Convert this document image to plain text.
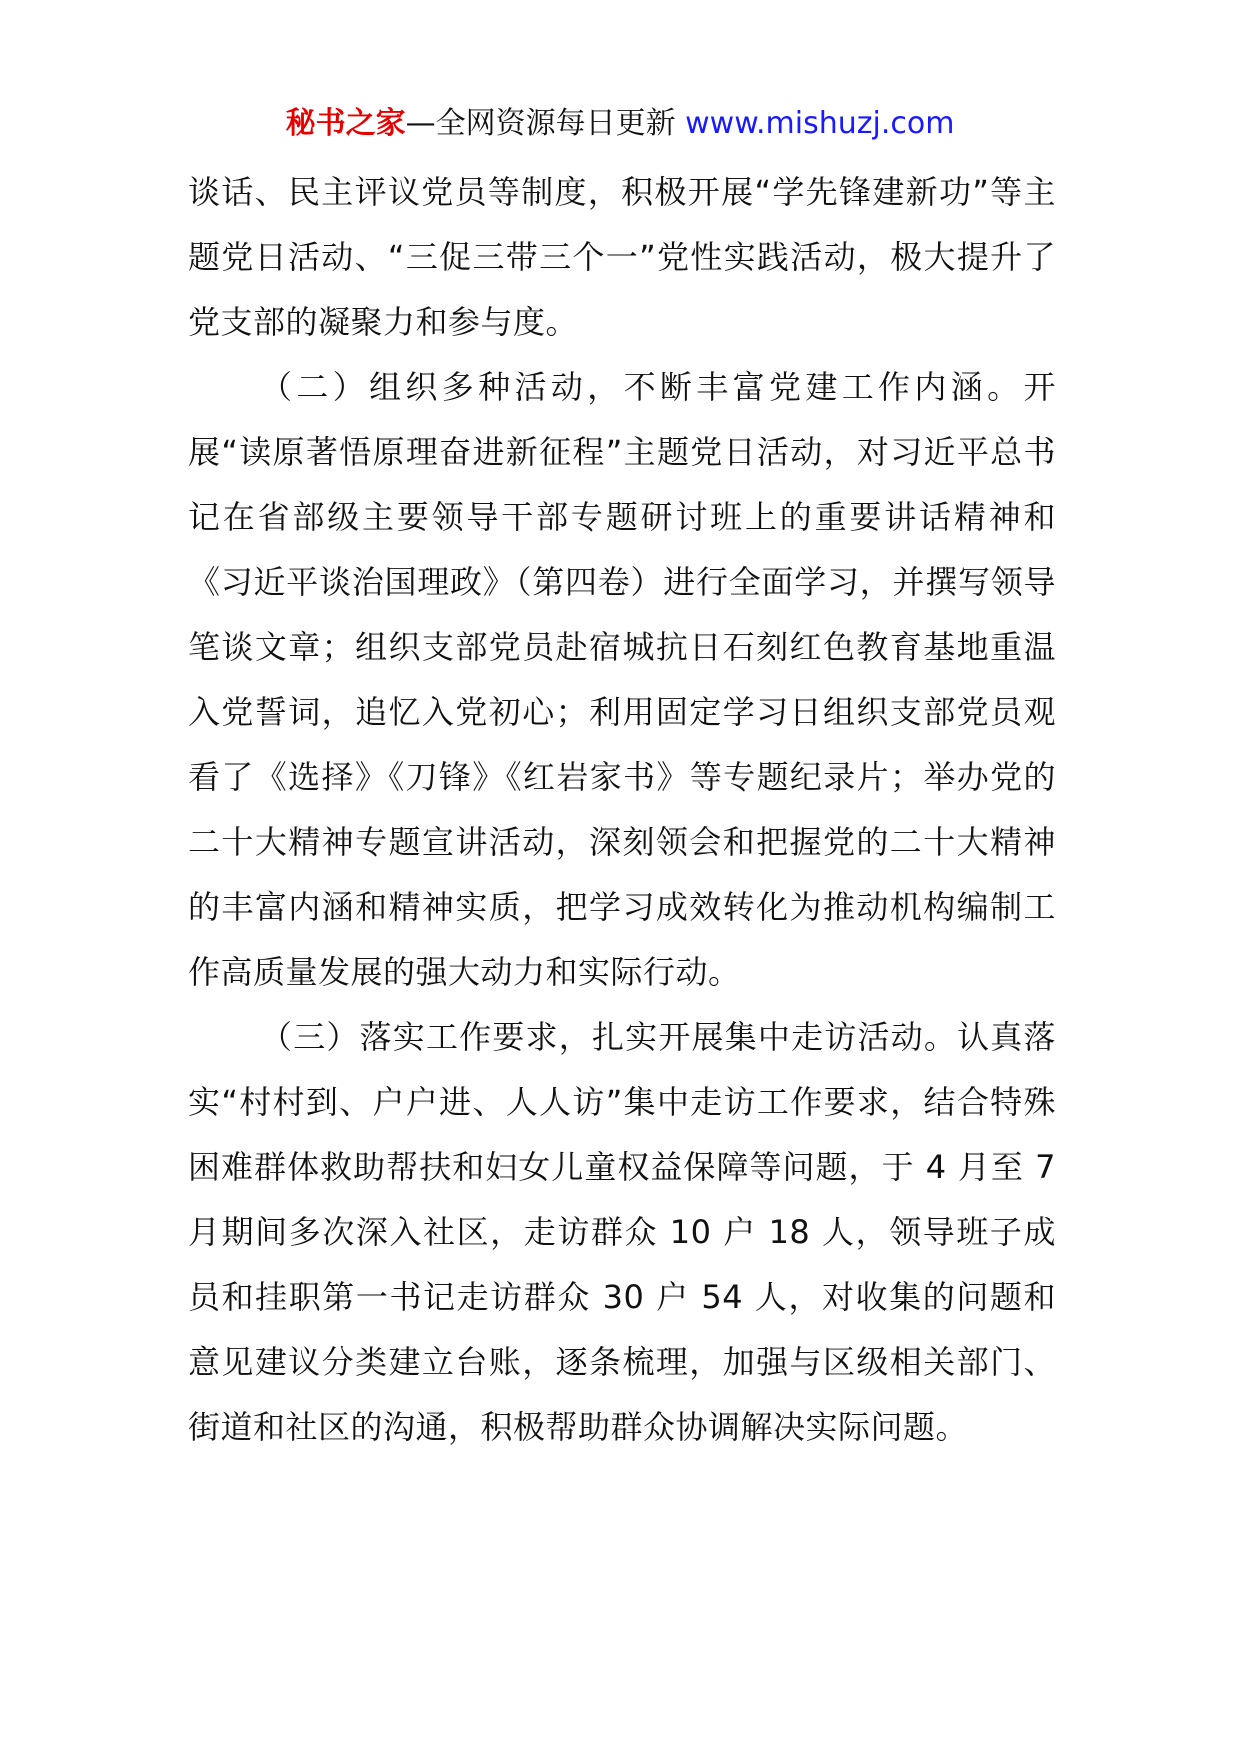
秘书之家—全网资源每日更新 www.mishuzj.com

谈话、民主评议党员等制度，积极开展“学先锋建新功”等主题党日活动、“三促三带三个一”党性实践活动，极大提升了党支部的凝聚力和参与度。

（二）组织多种活动，不断丰富党建工作内涵。开展“读原著悟原理奋进新征程”主题党日活动，对习近平总书记在省部级主要领导干部专题研讨班上的重要讲话精神和《习近平谈治国理政》（第四卷）进行全面学习，并撰写领导笔谈文章；组织支部党员赴宿城抗日石刻红色教育基地重温入党誓词，追忆入党初心；利用固定学习日组织支部党员观看了《选择》《刀锋》《红岩家书》等专题纪录片；举办党的二十大精神专题宣讲活动，深刻领会和把握党的二十大精神的丰富内涵和精神实质，把学习成效转化为推动机构编制工作高质量发展的强大动力和实际行动。

（三）落实工作要求，扎实开展集中走访活动。认真落实“村村到、户户进、人人访”集中走访工作要求，结合特殊困难群体救助帮扶和妇女儿童权益保障等问题，于 4 月至 7 月期间多次深入社区，走访群众 10 户 18 人，领导班子成员和挂职第一书记走访群众 30 户 54 人，对收集的问题和意见建议分类建立台账，逐条梳理，加强与区级相关部门、街道和社区的沟通，积极帮助群众协调解决实际问题。
